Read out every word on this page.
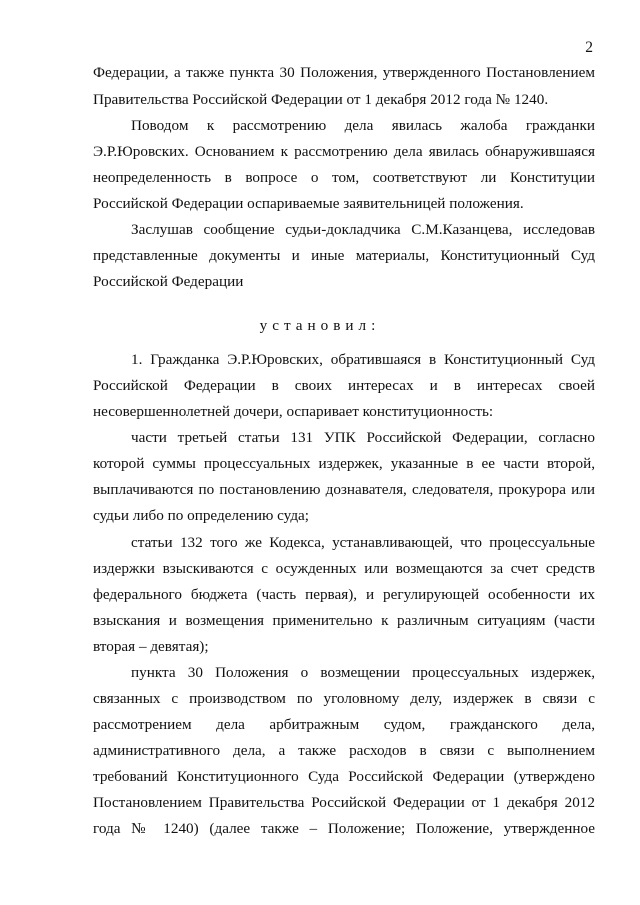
2
Федерации, а также пункта 30 Положения, утвержденного Постановлением
Правительства Российской Федерации от 1 декабря 2012 года № 1240.
Поводом к рассмотрению дела явилась жалоба гражданки
Э.Р.Юровских. Основанием к рассмотрению дела явилась обнаружившаяся
неопределенность в вопросе о том, соответствуют ли Конституции
Российской Федерации оспариваемые заявительницей положения.
Заслушав сообщение судьи-докладчика С.М.Казанцева, исследовав
представленные документы и иные материалы, Конституционный Суд
Российской Федерации
установил:
1. Гражданка Э.Р.Юровских, обратившаяся в Конституционный Суд
Российской Федерации в своих интересах и в интересах своей
несовершеннолетней дочери, оспаривает конституционность:
части третьей статьи 131 УПК Российской Федерации, согласно
которой суммы процессуальных издержек, указанные в ее части второй,
выплачиваются по постановлению дознавателя, следователя, прокурора или
судьи либо по определению суда;
статьи 132 того же Кодекса, устанавливающей, что процессуальные
издержки взыскиваются с осужденных или возмещаются за счет средств
федерального бюджета (часть первая), и регулирующей особенности их
взыскания и возмещения применительно к различным ситуациям (части
вторая – девятая);
пункта 30 Положения о возмещении процессуальных издержек,
связанных с производством по уголовному делу, издержек в связи с
рассмотрением дела арбитражным судом, гражданского дела,
административного дела, а также расходов в связи с выполнением
требований Конституционного Суда Российской Федерации (утверждено
Постановлением Правительства Российской Федерации от 1 декабря 2012
года № 1240) (далее также – Положение; Положение, утвержденное
